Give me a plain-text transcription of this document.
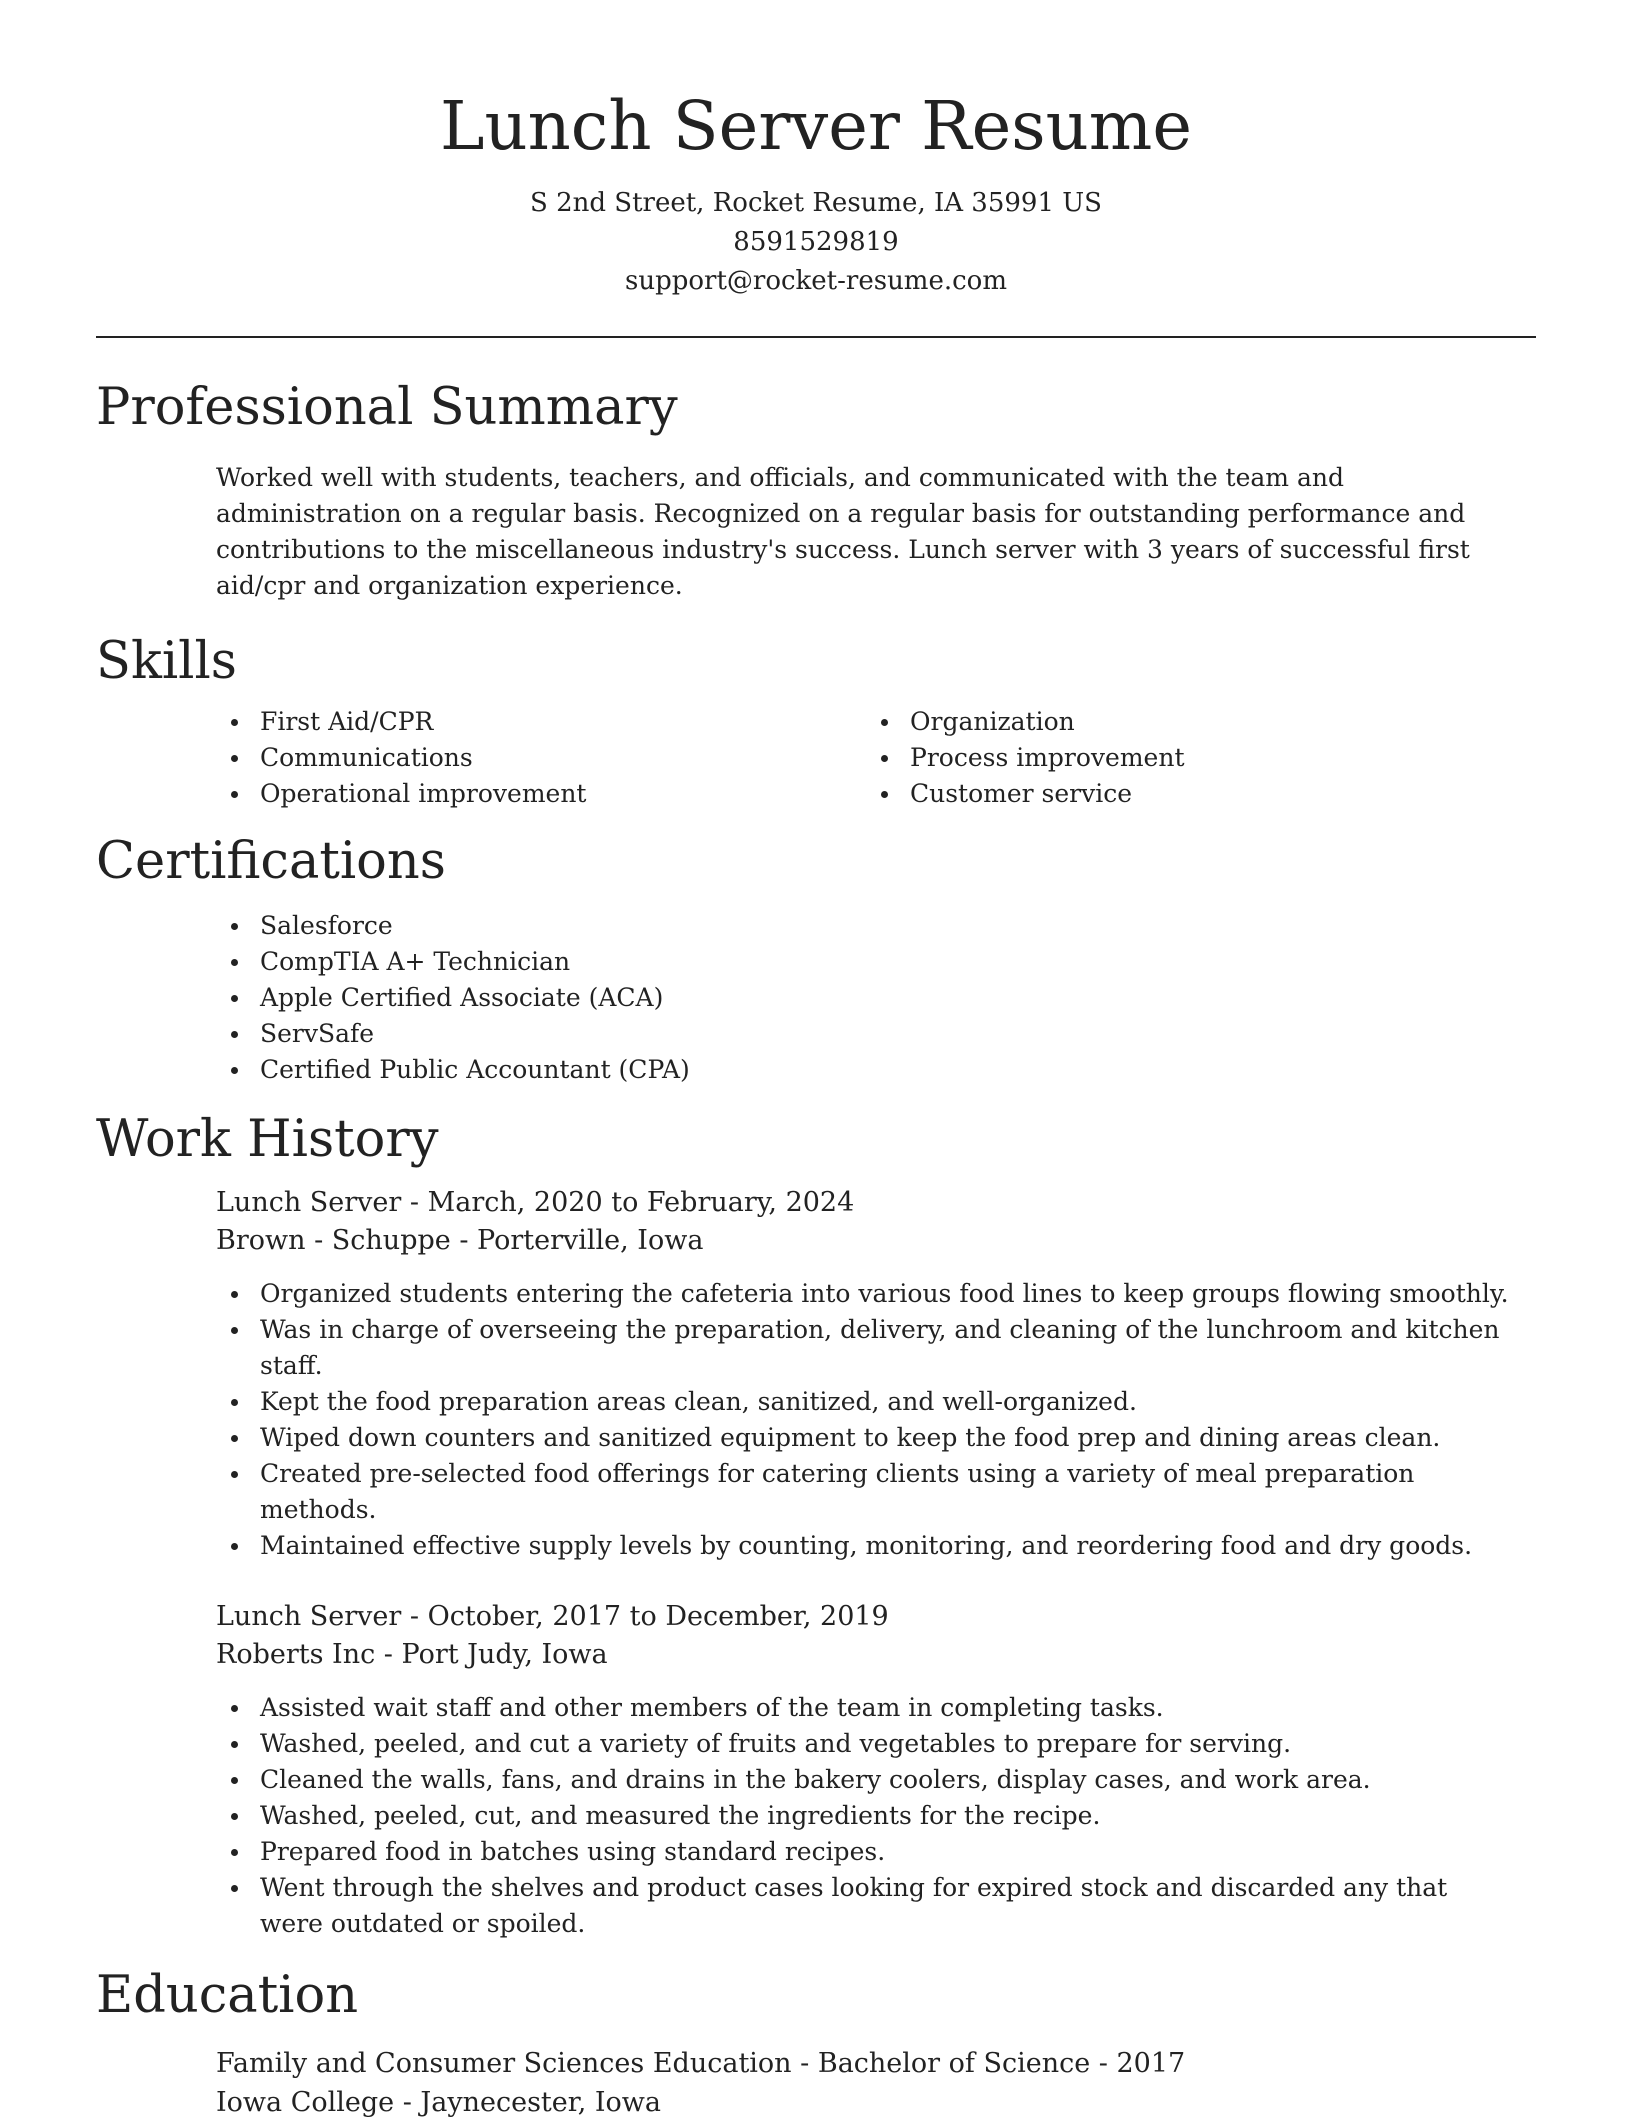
Lunch Server Resume
S 2nd Street, Rocket Resume, IA 35991 US
8591529819
support@rocket-resume.com
Professional Summary
Worked well with students, teachers, and officials, and communicated with the team and administration on a regular basis. Recognized on a regular basis for outstanding performance and contributions to the miscellaneous industry's success. Lunch server with 3 years of successful first aid/cpr and organization experience.
Skills
First Aid/CPR
Communications
Operational improvement
Organization
Process improvement
Customer service
Certifications
Salesforce
CompTIA A+ Technician
Apple Certified Associate (ACA)
ServSafe
Certified Public Accountant (CPA)
Work History
Lunch Server - March, 2020 to February, 2024
Brown - Schuppe - Porterville, Iowa
Organized students entering the cafeteria into various food lines to keep groups flowing smoothly.
Was in charge of overseeing the preparation, delivery, and cleaning of the lunchroom and kitchen staff.
Kept the food preparation areas clean, sanitized, and well-organized.
Wiped down counters and sanitized equipment to keep the food prep and dining areas clean.
Created pre-selected food offerings for catering clients using a variety of meal preparation methods.
Maintained effective supply levels by counting, monitoring, and reordering food and dry goods.
Lunch Server - October, 2017 to December, 2019
Roberts Inc - Port Judy, Iowa
Assisted wait staff and other members of the team in completing tasks.
Washed, peeled, and cut a variety of fruits and vegetables to prepare for serving.
Cleaned the walls, fans, and drains in the bakery coolers, display cases, and work area.
Washed, peeled, cut, and measured the ingredients for the recipe.
Prepared food in batches using standard recipes.
Went through the shelves and product cases looking for expired stock and discarded any that were outdated or spoiled.
Education
Family and Consumer Sciences Education - Bachelor of Science - 2017
Iowa College - Jaynecester, Iowa
